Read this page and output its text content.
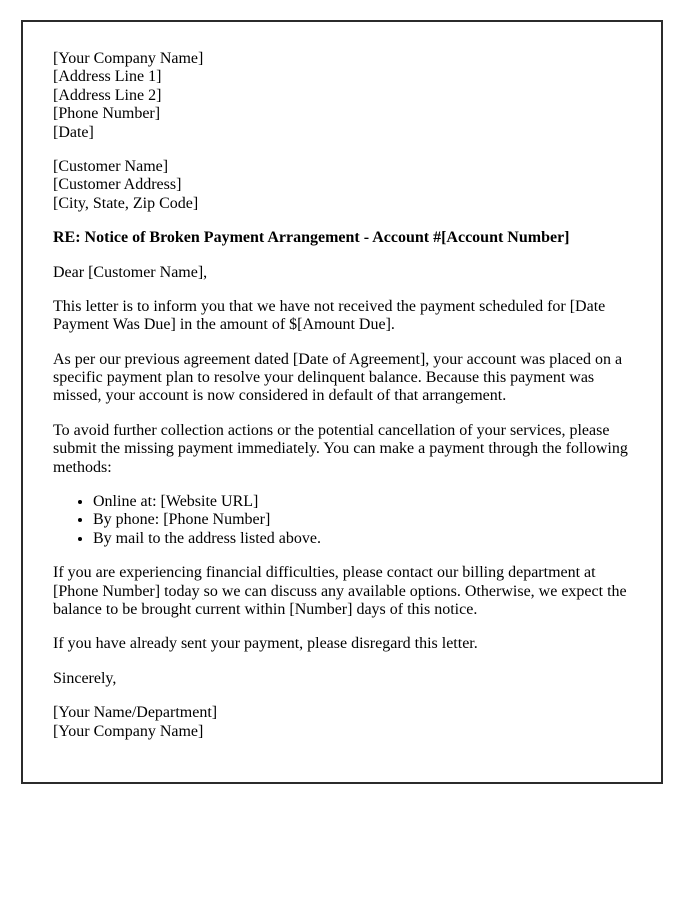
[Your Company Name]
[Address Line 1]
[Address Line 2]
[Phone Number]
[Date]

[Customer Name]
[Customer Address]
[City, State, Zip Code]

RE: Notice of Broken Payment Arrangement - Account #[Account Number]

Dear [Customer Name],

This letter is to inform you that we have not received the payment scheduled for [Date Payment Was Due] in the amount of $[Amount Due].

As per our previous agreement dated [Date of Agreement], your account was placed on a specific payment plan to resolve your delinquent balance. Because this payment was missed, your account is now considered in default of that arrangement.

To avoid further collection actions or the potential cancellation of your services, please submit the missing payment immediately. You can make a payment through the following methods:

• Online at: [Website URL]
• By phone: [Phone Number]
• By mail to the address listed above.

If you are experiencing financial difficulties, please contact our billing department at [Phone Number] today so we can discuss any available options. Otherwise, we expect the balance to be brought current within [Number] days of this notice.

If you have already sent your payment, please disregard this letter.

Sincerely,

[Your Name/Department]
[Your Company Name]
